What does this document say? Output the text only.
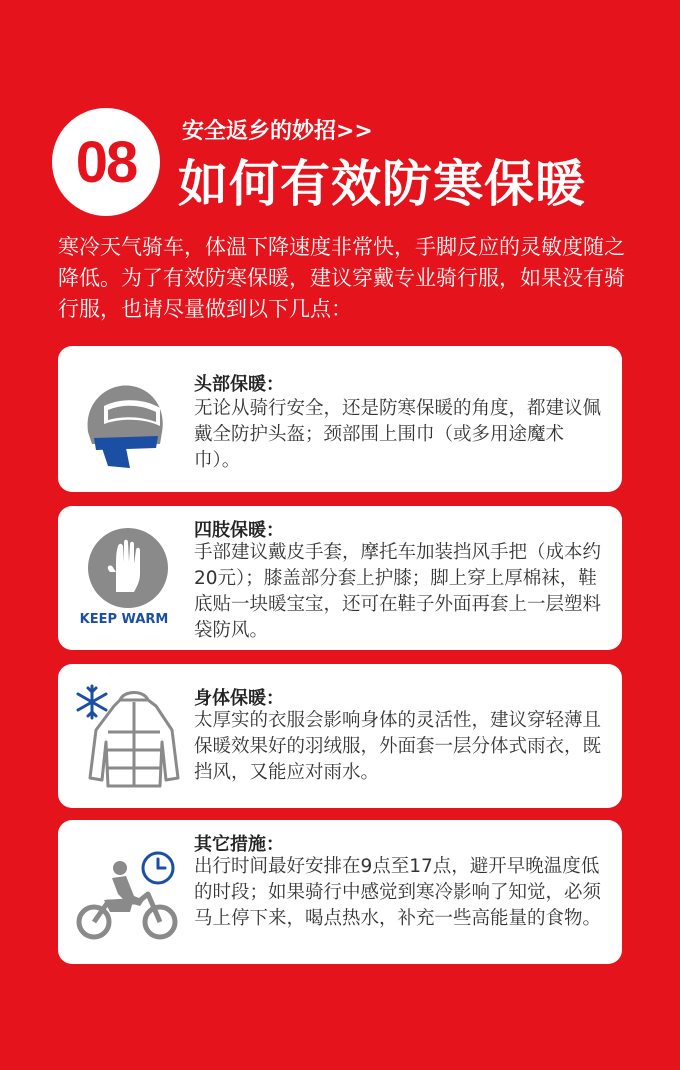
08 安全返乡的妙招>>
如何有效防寒保暖
寒冷天气骑车，体温下降速度非常快，手脚反应的灵敏度随之降低。为了有效防寒保暖，建议穿戴专业骑行服，如果没有骑行服，也请尽量做到以下几点：
头部保暖：
无论从骑行安全，还是防寒保暖的角度，都建议佩戴全防护头盔；颈部围上围巾（或多用途魔术巾）。
KEEP WARM
四肢保暖：
手部建议戴皮手套，摩托车加装挡风手把（成本约20元）；膝盖部分套上护膝；脚上穿上厚棉袜，鞋底贴一块暖宝宝，还可在鞋子外面再套上一层塑料袋防风。
身体保暖：
太厚实的衣服会影响身体的灵活性，建议穿轻薄且保暖效果好的羽绒服，外面套一层分体式雨衣，既挡风，又能应对雨水。
其它措施：
出行时间最好安排在9点至17点，避开早晚温度低的时段；如果骑行中感觉到寒冷影响了知觉，必须马上停下来，喝点热水，补充一些高能量的食物。
